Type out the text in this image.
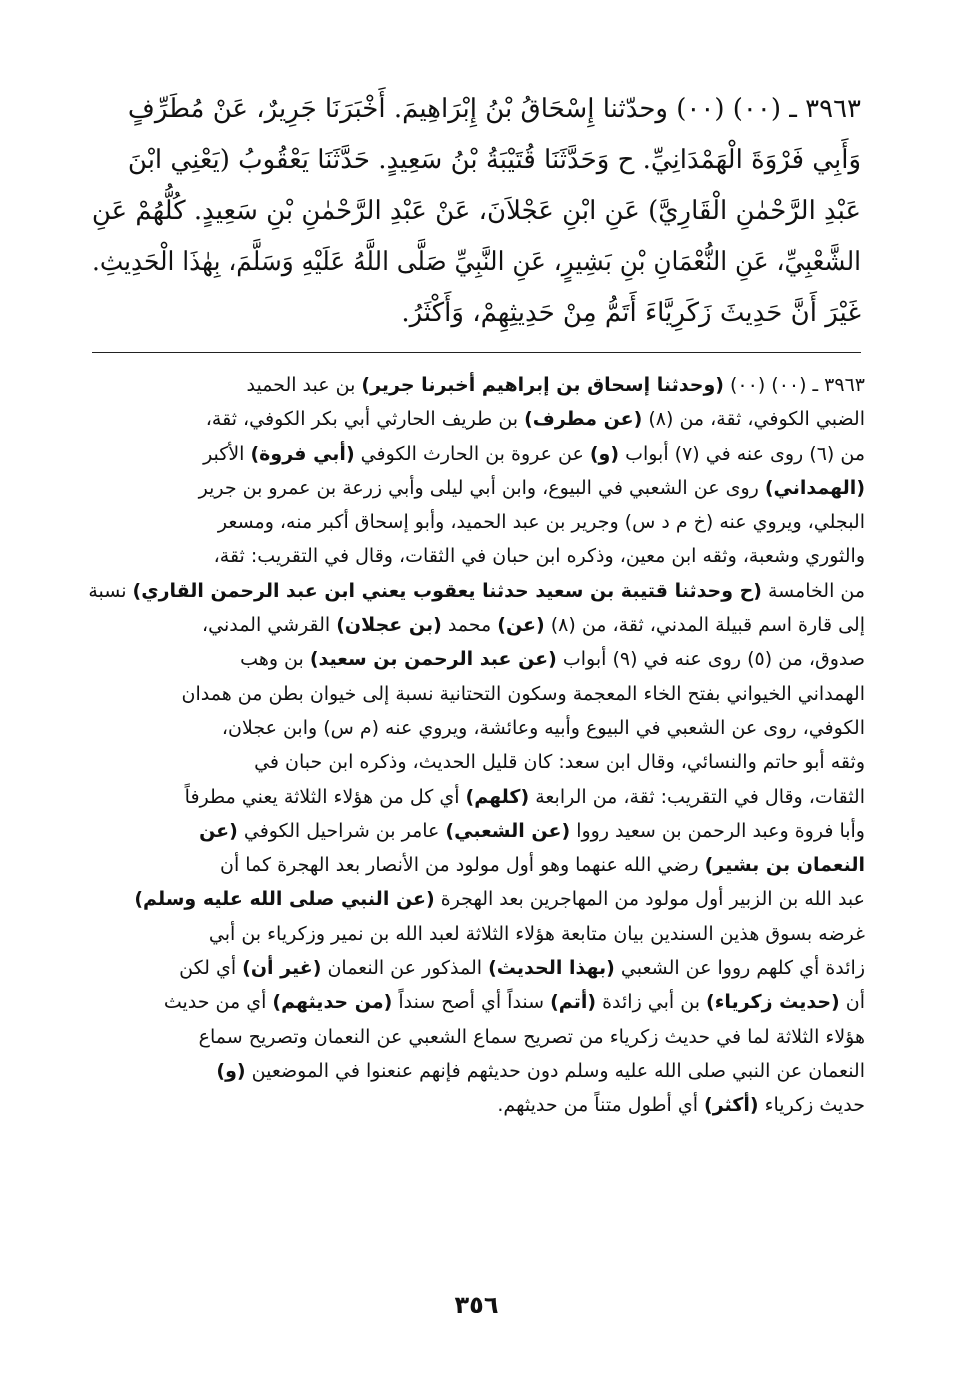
٣٩٦٣ ـ (٠٠) (٠٠) وحدّثنا إِسْحَاقُ بْنُ إِبْرَاهِيمَ. أَخْبَرَنَا جَرِيرٌ، عَنْ مُطَرِّفٍ
وَأَبِي فَرْوَةَ الْهَمْدَانِيِّ. ح وَحَدَّثَنَا قُتَيْبَةُ بْنُ سَعِيدٍ. حَدَّثَنَا يَعْقُوبُ (يَعْنِي ابْنَ
عَبْدِ الرَّحْمٰنِ الْقَارِيَّ) عَنِ ابْنِ عَجْلاَنَ، عَنْ عَبْدِ الرَّحْمٰنِ بْنِ سَعِيدٍ. كُلُّهُمْ عَنِ
الشَّعْبِيِّ، عَنِ النُّعْمَانِ بْنِ بَشِيرٍ، عَنِ النَّبِيِّ صَلَّى اللَّهُ عَلَيْهِ وَسَلَّمَ، بِهٰذَا الْحَدِيثِ.
غَيْرَ أَنَّ حَدِيثَ زَكَرِيَّاءَ أَتَمُّ مِنْ حَدِيثِهِمْ، وَأَكْثَرُ.
٣٩٦٣ ـ (٠٠) (٠٠) (وحدثنا إسحاق بن إبراهيم أخبرنا جرير) بن عبد الحميد
الضبي الكوفي، ثقة، من (٨) (عن مطرف) بن طريف الحارثي أبي بكر الكوفي، ثقة،
من (٦) روى عنه في (٧) أبواب (و) عن عروة بن الحارث الكوفي (أبي فروة) الأكبر
(الهمداني) روى عن الشعبي في البيوع، وابن أبي ليلى وأبي زرعة بن عمرو بن جرير
البجلي، ويروي عنه (خ م د س) وجرير بن عبد الحميد، وأبو إسحاق أكبر منه، ومسعر
والثوري وشعبة، وثقه ابن معين، وذكره ابن حبان في الثقات، وقال في التقريب: ثقة،
من الخامسة (ح وحدثنا قتيبة بن سعيد حدثنا يعقوب يعني ابن عبد الرحمن القاري) نسبة
إلى قارة اسم قبيلة المدني، ثقة، من (٨) (عن) محمد (بن عجلان) القرشي المدني،
صدوق، من (٥) روى عنه في (٩) أبواب (عن عبد الرحمن بن سعيد) بن وهب
الهمداني الخيواني بفتح الخاء المعجمة وسكون التحتانية نسبة إلى خيوان بطن من همدان
الكوفي، روى عن الشعبي في البيوع وأبيه وعائشة، ويروي عنه (م س) وابن عجلان،
وثقه أبو حاتم والنسائي، وقال ابن سعد: كان قليل الحديث، وذكره ابن حبان في
الثقات، وقال في التقريب: ثقة، من الرابعة (كلهم) أي كل من هؤلاء الثلاثة يعني مطرفاً
وأبا فروة وعبد الرحمن بن سعيد رووا (عن الشعبي) عامر بن شراحيل الكوفي (عن
النعمان بن بشير) رضي الله عنهما وهو أول مولود من الأنصار بعد الهجرة كما أن
عبد الله بن الزبير أول مولود من المهاجرين بعد الهجرة (عن النبي صلى الله عليه وسلم)
غرضه بسوق هذين السندين بيان متابعة هؤلاء الثلاثة لعبد الله بن نمير وزكرياء بن أبي
زائدة أي كلهم رووا عن الشعبي (بهذا الحديث) المذكور عن النعمان (غير أن) أي لكن
أن (حديث زكرياء) بن أبي زائدة (أتم) سنداً أي أصح سنداً (من حديثهم) أي من حديث
هؤلاء الثلاثة لما في حديث زكرياء من تصريح سماع الشعبي عن النعمان وتصريح سماع
النعمان عن النبي صلى الله عليه وسلم دون حديثهم فإنهم عنعنوا في الموضعين (و)
حديث زكرياء (أكثر) أي أطول متناً من حديثهم.
٣٥٦
